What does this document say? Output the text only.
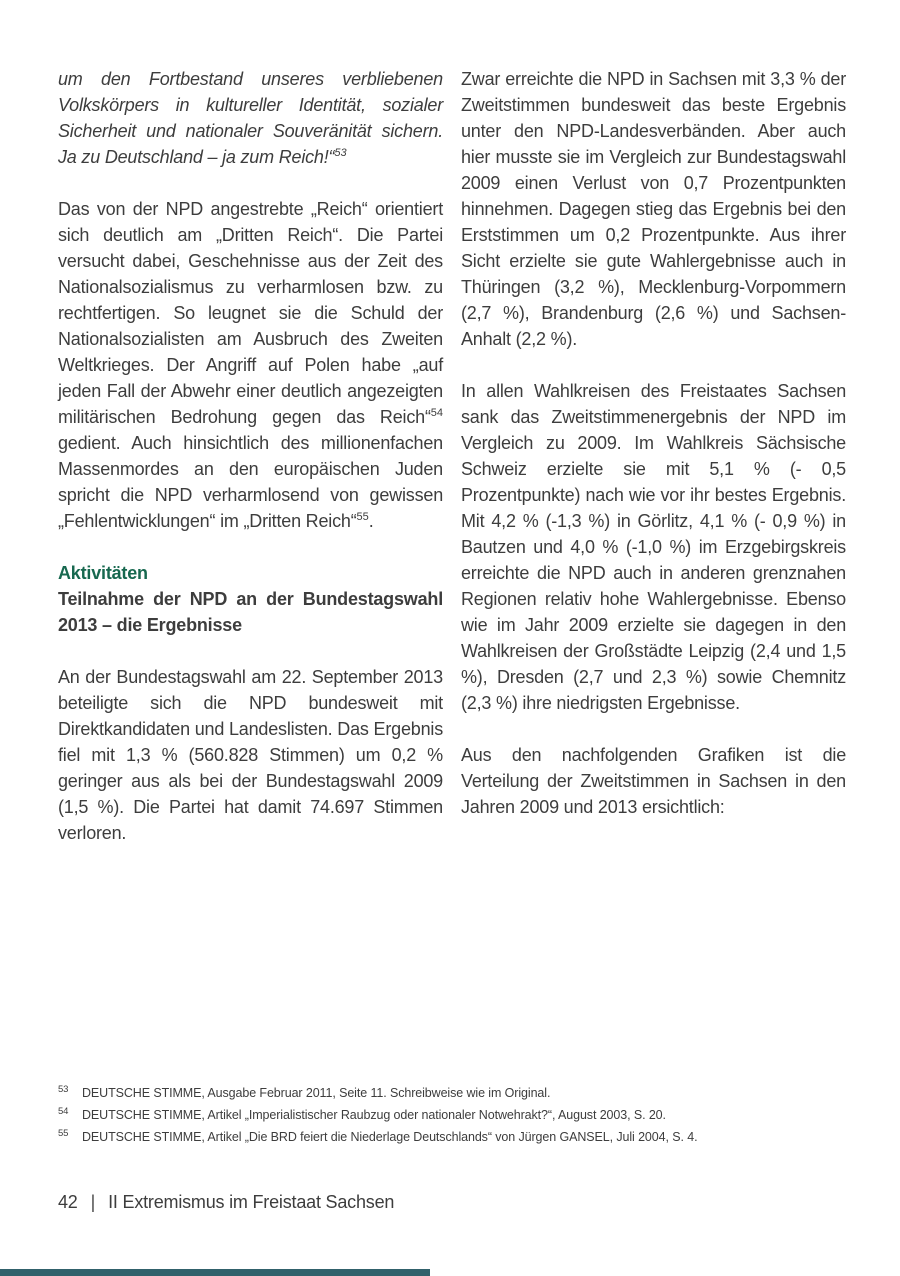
um den Fortbestand unseres verbliebenen Volkskörpers in kultureller Identität, sozialer Sicherheit und nationaler Souveränität sichern. Ja zu Deutschland – ja zum Reich!“$^{53}$

Das von der NPD angestrebte „Reich“ orientiert sich deutlich am „Dritten Reich“. Die Partei versucht dabei, Geschehnisse aus der Zeit des Nationalsozialismus zu verharmlosen bzw. zu rechtfertigen. So leugnet sie die Schuld der Nationalsozialisten am Ausbruch des Zweiten Weltkrieges. Der Angriff auf Polen habe „auf jeden Fall der Abwehr einer deutlich angezeigten militärischen Bedrohung gegen das Reich“$^{54}$ gedient. Auch hinsichtlich des millionenfachen Massenmordes an den europäischen Juden spricht die NPD verharmlosend von gewissen „Fehlentwicklungen“ im „Dritten Reich“$^{55}$.

Aktivitäten
Teilnahme der NPD an der Bundestagswahl 2013 – die Ergebnisse

An der Bundestagswahl am 22. September 2013 beteiligte sich die NPD bundesweit mit Direktkandidaten und Landeslisten. Das Ergebnis fiel mit 1,3 % (560.828 Stimmen) um 0,2 % geringer aus als bei der Bundestagswahl 2009 (1,5 %). Die Partei hat damit 74.697 Stimmen verloren.

Zwar erreichte die NPD in Sachsen mit 3,3 % der Zweitstimmen bundesweit das beste Ergebnis unter den NPD-Landesverbänden. Aber auch hier musste sie im Vergleich zur Bundestagswahl 2009 einen Verlust von 0,7 Prozentpunkten hinnehmen. Dagegen stieg das Ergebnis bei den Erststimmen um 0,2 Prozentpunkte. Aus ihrer Sicht erzielte sie gute Wahlergebnisse auch in Thüringen (3,2 %), Mecklenburg-Vorpommern (2,7 %), Brandenburg (2,6 %) und Sachsen-Anhalt (2,2 %).

In allen Wahlkreisen des Freistaates Sachsen sank das Zweitstimmenergebnis der NPD im Vergleich zu 2009. Im Wahlkreis Sächsische Schweiz erzielte sie mit 5,1 % (- 0,5 Prozentpunkte) nach wie vor ihr bestes Ergebnis. Mit 4,2 % (-1,3 %) in Görlitz, 4,1 % (- 0,9 %) in Bautzen und 4,0 % (-1,0 %) im Erzgebirgskreis erreichte die NPD auch in anderen grenznahen Regionen relativ hohe Wahlergebnisse. Ebenso wie im Jahr 2009 erzielte sie dagegen in den Wahlkreisen der Großstädte Leipzig (2,4 und 1,5 %), Dresden (2,7 und 2,3 %) sowie Chemnitz (2,3 %) ihre niedrigsten Ergebnisse.

Aus den nachfolgenden Grafiken ist die Verteilung der Zweitstimmen in Sachsen in den Jahren 2009 und 2013 ersichtlich:

53	DEUTSCHE STIMME, Ausgabe Februar 2011, Seite 11. Schreibweise wie im Original.
54	DEUTSCHE STIMME, Artikel „Imperialistischer Raubzug oder nationaler Notwehrakt?“, August 2003, S. 20.
55	DEUTSCHE STIMME, Artikel „Die BRD feiert die Niederlage Deutschlands“ von Jürgen GANSEL, Juli 2004, S. 4.
42 | II Extremismus im Freistaat Sachsen
